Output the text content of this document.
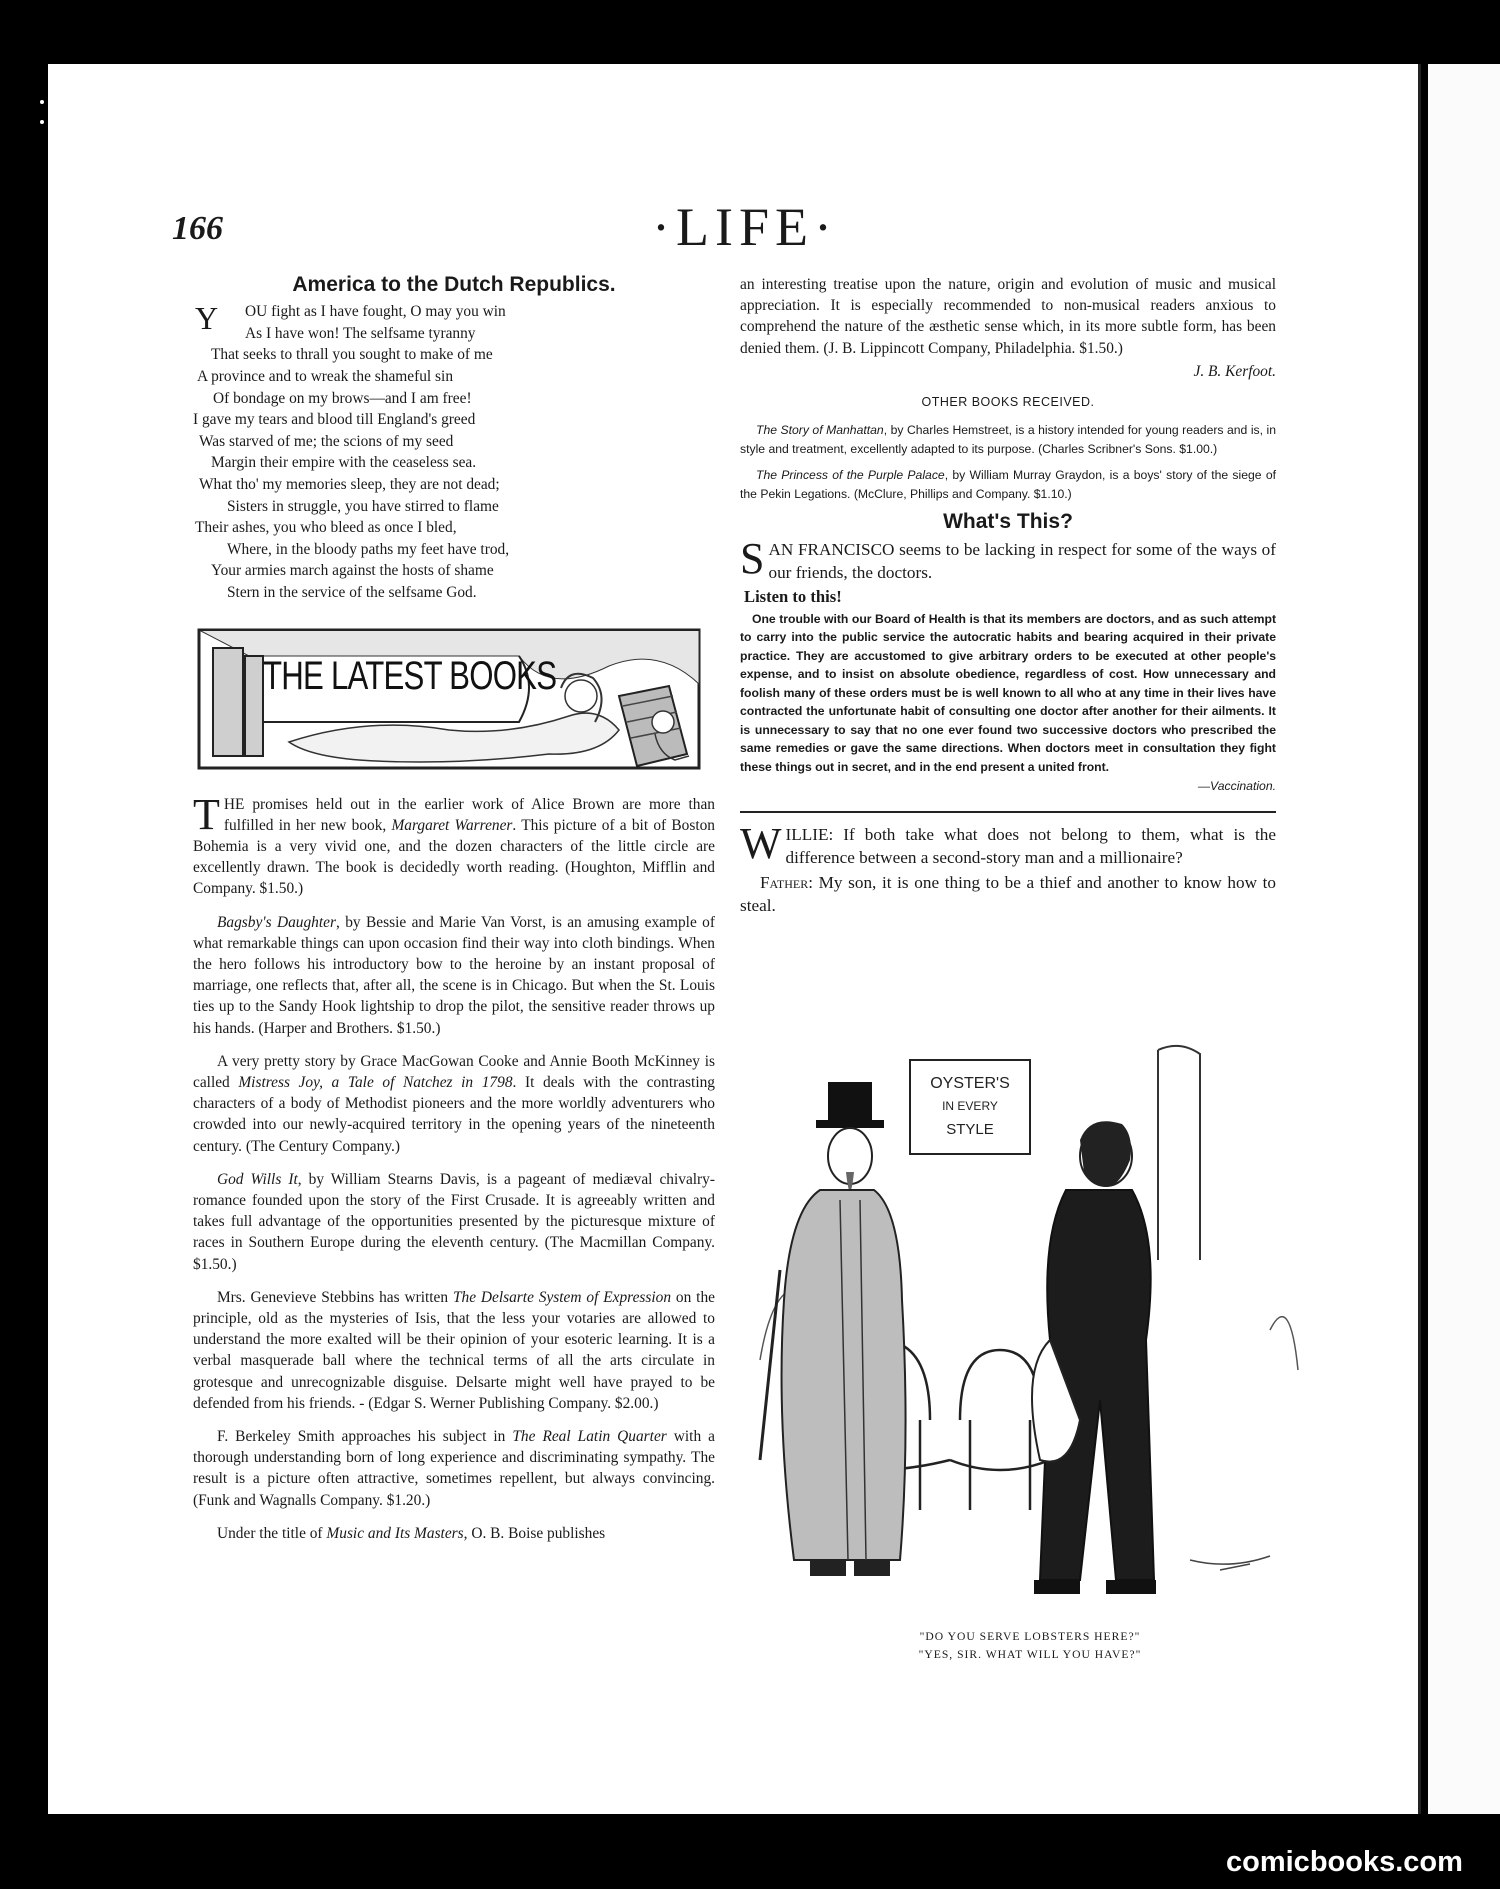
166	·LIFE·
America to the Dutch Republics.
Y OU fight as I have fought, O may you win
As I have won! The selfsame tyranny
That seeks to thrall you sought to make of me
A province and to wreak the shameful sin
Of bondage on my brows—and I am free!
I gave my tears and blood till England's greed
Was starved of me; the scions of my seed
Margin their empire with the ceaseless sea.
What tho' my memories sleep, they are not dead;
Sisters in struggle, you have stirred to flame
Their ashes, you who bleed as once I bled,
Where, in the bloody paths my feet have trod,
Your armies march against the hosts of shame
Stern in the service of the selfsame God.
THE LATEST BOOKS

THE promises held out in the earlier work of Alice Brown are more than fulfilled in her new book, Margaret Warrener. This picture of a bit of Boston Bohemia is a very vivid one, and the dozen characters of the little circle are excellently drawn. The book is decidedly worth reading. (Houghton, Mifflin and Company. $1.50.)

Bagsby's Daughter, by Bessie and Marie Van Vorst, is an amusing example of what remarkable things can upon occasion find their way into cloth bindings. When the hero follows his introductory bow to the heroine by an instant proposal of marriage, one reflects that, after all, the scene is in Chicago. But when the St. Louis ties up to the Sandy Hook lightship to drop the pilot, the sensitive reader throws up his hands. (Harper and Brothers. $1.50.)

A very pretty story by Grace MacGowan Cooke and Annie Booth McKinney is called Mistress Joy, a Tale of Natchez in 1798. It deals with the contrasting characters of a body of Methodist pioneers and the more worldly adventurers who crowded into our newly-acquired territory in the opening years of the nineteenth century. (The Century Company.)

God Wills It, by William Stearns Davis, is a pageant of mediæval chivalry-romance founded upon the story of the First Crusade. It is agreeably written and takes full advantage of the opportunities presented by the picturesque mixture of races in Southern Europe during the eleventh century. (The Macmillan Company. $1.50.)

Mrs. Genevieve Stebbins has written The Delsarte System of Expression on the principle, old as the mysteries of Isis, that the less your votaries are allowed to understand the more exalted will be their opinion of your esoteric learning. It is a verbal masquerade ball where the technical terms of all the arts circulate in grotesque and unrecognizable disguise. Delsarte might well have prayed to be defended from his friends. - (Edgar S. Werner Publishing Company. $2.00.)

F. Berkeley Smith approaches his subject in The Real Latin Quarter with a thorough understanding born of long experience and discriminating sympathy. The result is a picture often attractive, sometimes repellent, but always convincing. (Funk and Wagnalls Company. $1.20.)

Under the title of Music and Its Masters, O. B. Boise publishes

an interesting treatise upon the nature, origin and evolution of music and musical appreciation. It is especially recommended to non-musical readers anxious to comprehend the nature of the æsthetic sense which, in its more subtle form, has been denied them. (J. B. Lippincott Company, Philadelphia. $1.50.)

J. B. Kerfoot.
OTHER BOOKS RECEIVED.

The Story of Manhattan, by Charles Hemstreet, is a history intended for young readers and is, in style and treatment, excellently adapted to its purpose. (Charles Scribner's Sons. $1.00.)

The Princess of the Purple Palace, by William Murray Graydon, is a boys' story of the siege of the Pekin Legations. (McClure, Phillips and Company. $1.10.)

What's This?

SAN FRANCISCO seems to be lacking in respect for some of the ways of our friends, the doctors.

Listen to this!

One trouble with our Board of Health is that its members are doctors, and as such attempt to carry into the public service the autocratic habits and bearing acquired in their private practice. They are accustomed to give arbitrary orders to be executed at other people's expense, and to insist on absolute obedience, regardless of cost. How unnecessary and foolish many of these orders must be is well known to all who at any time in their lives have contracted the unfortunate habit of consulting one doctor after another for their ailments. It is unnecessary to say that no one ever found two successive doctors who prescribed the same remedies or gave the same directions. When doctors meet in consultation they fight these things out in secret, and in the end present a united front.

—Vaccination.

WILLIE: If both take what does not belong to them, what is the difference between a second-story man and a millionaire?

Father: My son, it is one thing to be a thief and another to know how to steal.

OYSTER'S
IN EVERY
STYLE
"DO YOU SERVE LOBSTERS HERE?"
"YES, SIR. WHAT WILL YOU HAVE?"
comicbooks.com
